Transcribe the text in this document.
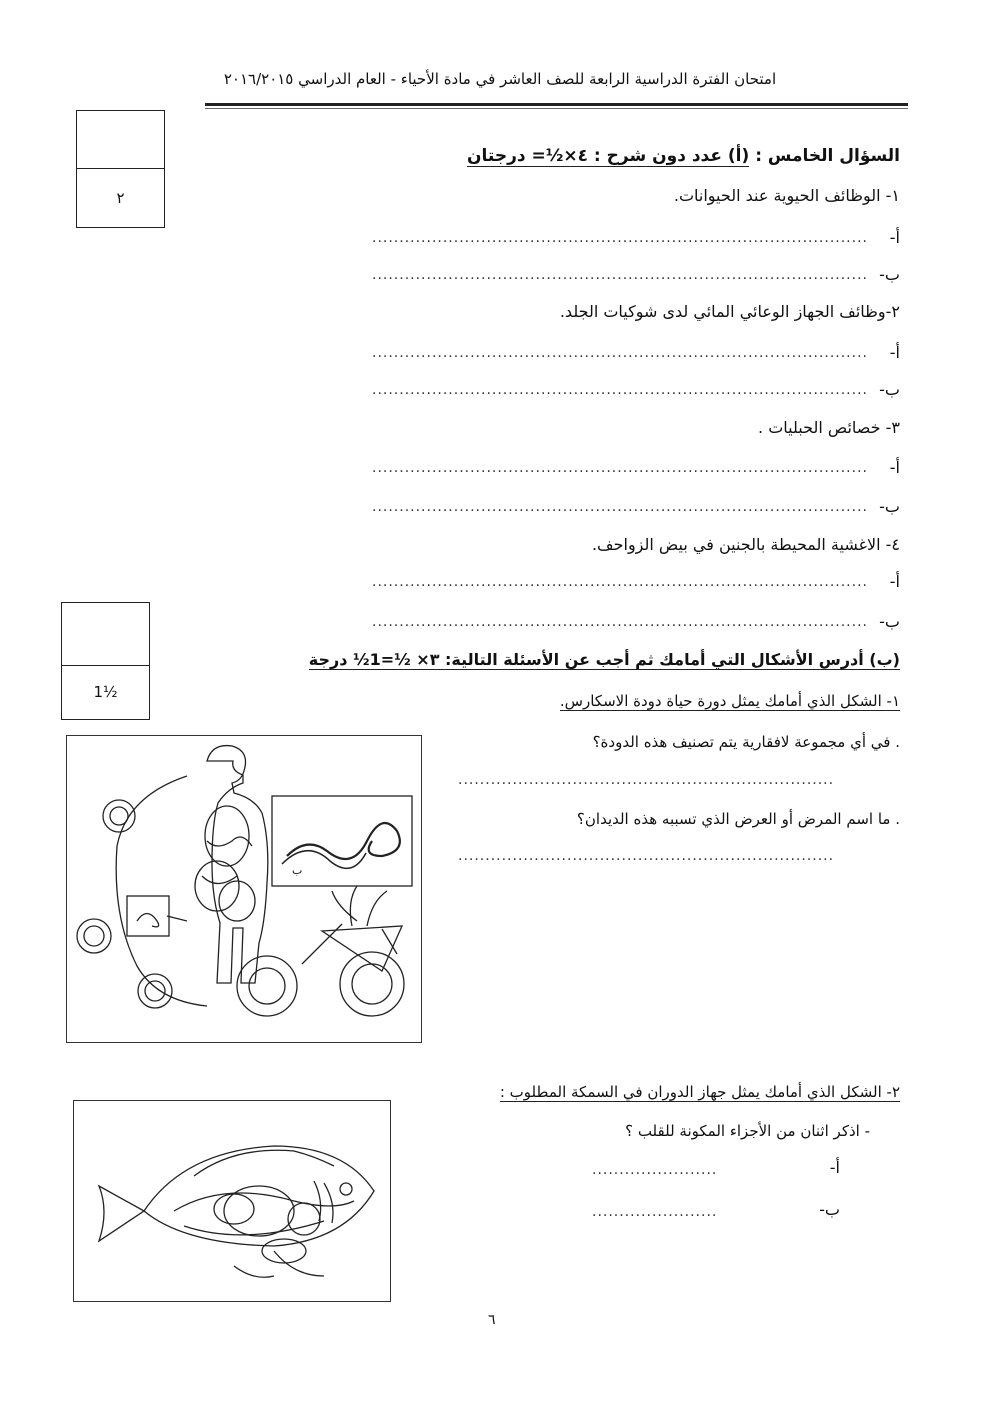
امتحان الفترة الدراسية الرابعة للصف العاشر في مادة الأحياء - العام الدراسي ٢٠١٦/٢٠١٥
٢
السؤال الخامس : (أ) عدد دون شرح : ٤×½= درجتان
١- الوظائف الحيوية عند الحيوانات.
أ-
...........................................................................................
ب-
...........................................................................................
٢-وظائف الجهاز الوعائي المائي لدى شوكيات الجلد.
أ-
...........................................................................................
ب-
...........................................................................................
٣- خصائص الحبليات .
أ-
...........................................................................................
ب-
...........................................................................................
٤- الاغشية المحيطة بالجنين في بيض الزواحف.
أ-
...........................................................................................
ب-
...........................................................................................
1½
(ب) أدرس الأشكال التي أمامك ثم أجب عن الأسئلة التالية: ٣× ½=1½ درجة
١- الشكل الذي أمامك يمثل دورة حياة دودة الاسكارس.
. في أي مجموعة لافقارية يتم تصنيف هذه الدودة؟
.....................................................................
. ما اسم المرض أو العرض الذي تسببه هذه الديدان؟
.....................................................................
ب
٢- الشكل الذي أمامك يمثل جهاز الدوران في السمكة المطلوب :
- اذكر اثنان من الأجزاء المكونة للقلب ؟
أ-
.......................
ب-
.......................
٦
